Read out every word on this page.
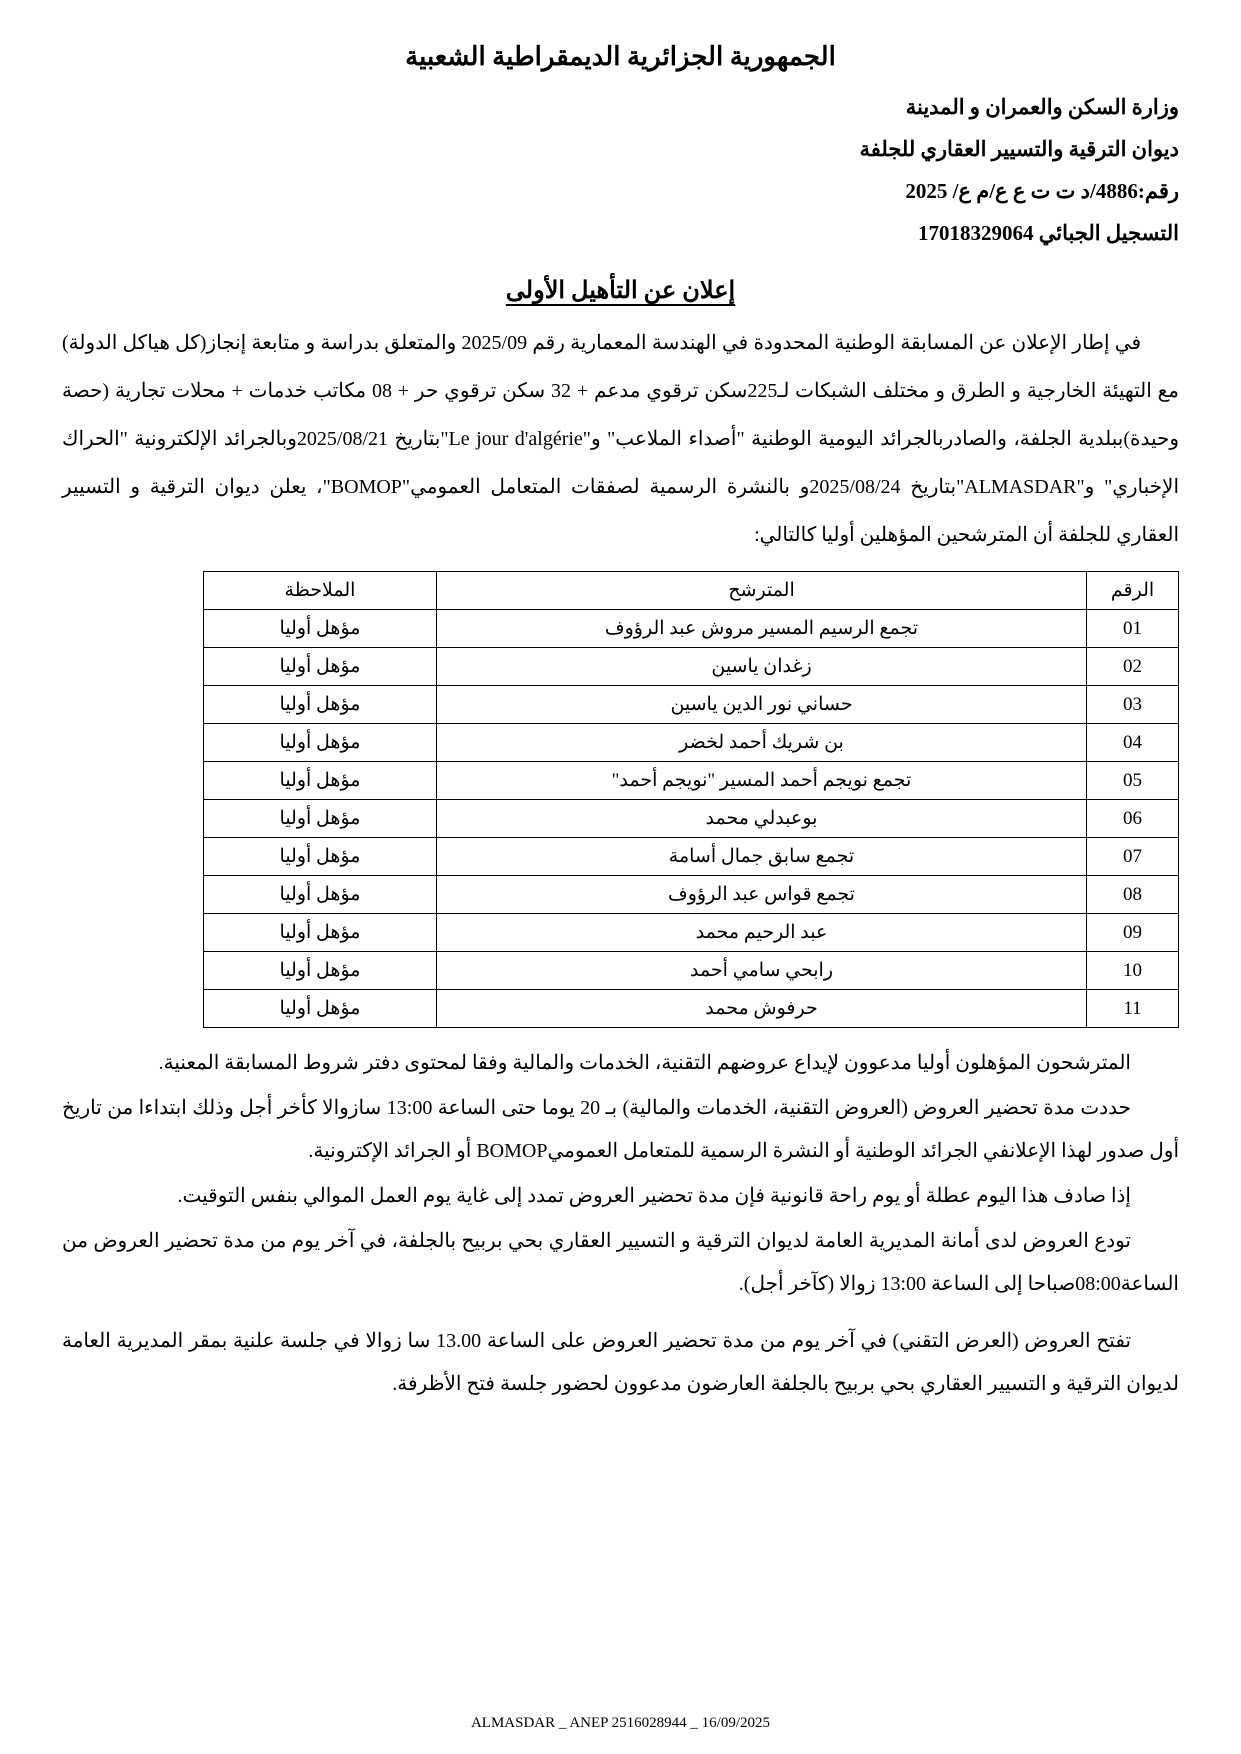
الجمهورية الجزائرية الديمقراطية الشعبية
وزارة السكن والعمران و المدينة
ديوان الترقية والتسيير العقاري للجلفة
رقم:4886/د ت ت ع ع/م ع/ 2025
التسجيل الجبائي 17018329064
إعلان عن التأهيل الأولى

في إطار الإعلان عن المسابقة الوطنية المحدودة في الهندسة المعمارية رقم 2025/09 والمتعلق بدراسة و متابعة إنجاز(كل هياكل الدولة) مع التهيئة الخارجية و الطرق و مختلف الشبكات لـ225سكن ترقوي مدعم + 32 سكن ترقوي حر + 08 مكاتب خدمات + محلات تجارية (حصة وحيدة)ببلدية الجلفة، والصادربالجرائد اليومية الوطنية "أصداء الملاعب" و"Le jour d'algérie"بتاريخ 2025/08/21وبالجرائد الإلكترونية "الحراك الإخباري" و"ALMASDAR"بتاريخ 2025/08/24و بالنشرة الرسمية لصفقات المتعامل العمومي"BOMOP"، يعلن ديوان الترقية و التسيير العقاري للجلفة أن المترشحين المؤهلين أوليا كالتالي:

الرقم	المترشح	الملاحظة
01	تجمع الرسيم المسير مروش عبد الرؤوف	مؤهل أوليا
02	زغدان ياسين	مؤهل أوليا
03	حساني نور الدين ياسين	مؤهل أوليا
04	بن شريك أحمد لخضر	مؤهل أوليا
05	تجمع نويجم أحمد المسير "نويجم أحمد"	مؤهل أوليا
06	بوعبدلي محمد	مؤهل أوليا
07	تجمع سابق جمال أسامة	مؤهل أوليا
08	تجمع قواس عبد الرؤوف	مؤهل أوليا
09	عبد الرحيم محمد	مؤهل أوليا
10	رابحي سامي أحمد	مؤهل أوليا
11	حرفوش محمد	مؤهل أوليا

المترشحون المؤهلون أوليا مدعوون لإيداع عروضهم التقنية، الخدمات والمالية وفقا لمحتوى دفتر شروط المسابقة المعنية.

حددت مدة تحضير العروض (العروض التقنية، الخدمات والمالية) بـ 20 يوما حتى الساعة 13:00 سازوالا كأخر أجل وذلك ابتداءا من تاريخ أول صدور لهذا الإعلانفي الجرائد الوطنية أو النشرة الرسمية للمتعامل العموميBOMOP أو الجرائد الإكترونية.

إذا صادف هذا اليوم عطلة أو يوم راحة قانونية فإن مدة تحضير العروض تمدد إلى غاية يوم العمل الموالي بنفس التوقيت.

تودع العروض لدى أمانة المديرية العامة لديوان الترقية و التسيير العقاري بحي بربيح بالجلفة، في آخر يوم من مدة تحضير العروض من الساعة08:00صباحا إلى الساعة 13:00 زوالا (كآخر أجل).

تفتح العروض (العرض التقني) في آخر يوم من مدة تحضير العروض على الساعة 13.00 سا زوالا في جلسة علنية بمقر المديرية العامة لديوان الترقية و التسيير العقاري بحي بربيح بالجلفة العارضون مدعوون لحضور جلسة فتح الأظرفة.

ALMASDAR _ ANEP 2516028944 _ 16/09/2025
